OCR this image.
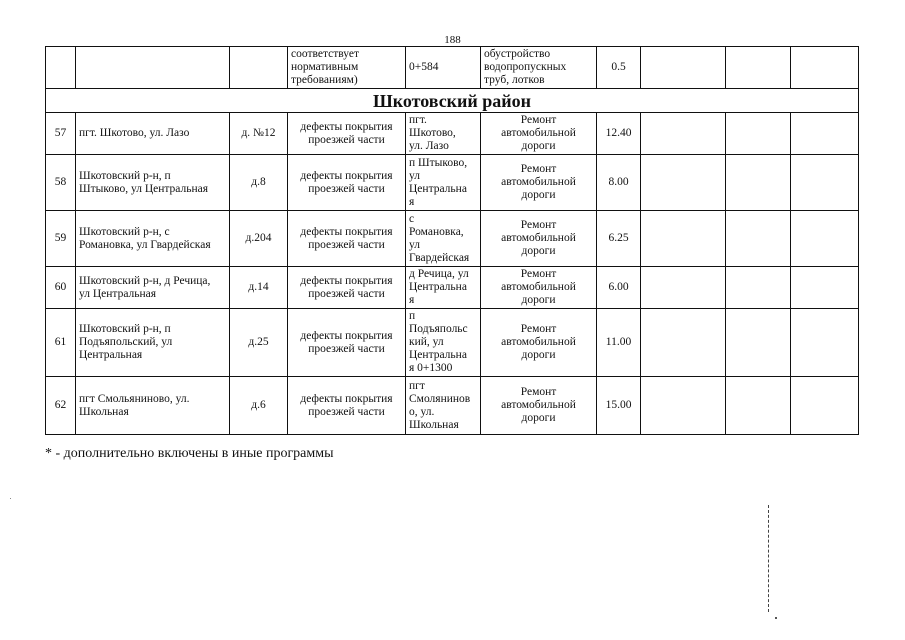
188
			соответствует
нормативным
требованиям)	0+584	обустройство
водопропускных
труб, лотков	0.5			
Шкотовский район									
57	пгт. Шкотово, ул. Лазо	д. №12	дефекты покрытия
проезжей части	пгт.
Шкотово,
ул. Лазо	Ремонт
автомобильной
дороги	12.40			
58	Шкотовский р-н, п
Штыково, ул Центральная	д.8	дефекты покрытия
проезжей части	п Штыково,
ул
Центральна
я	Ремонт
автомобильной
дороги	8.00			
59	Шкотовский р-н, с
Романовка, ул Гвардейская	д.204	дефекты покрытия
проезжей части	с
Романовка,
ул
Гвардейская	Ремонт
автомобильной
дороги	6.25			
60	Шкотовский р-н, д Речица,
ул Центральная	д.14	дефекты покрытия
проезжей части	д Речица, ул
Центральна
я	Ремонт
автомобильной
дороги	6.00			
61	Шкотовский р-н, п
Подъяпольский, ул
Центральная	д.25	дефекты покрытия
проезжей части	п
Подъяпольс
кий, ул
Центральна
я 0+1300	Ремонт
автомобильной
дороги	11.00			
62	пгт Смольяниново, ул.
Школьная	д.6	дефекты покрытия
проезжей части	пгт
Смолянинов
о, ул.
Школьная	Ремонт
автомобильной
дороги	15.00			
* - дополнительно включены в иные программы
